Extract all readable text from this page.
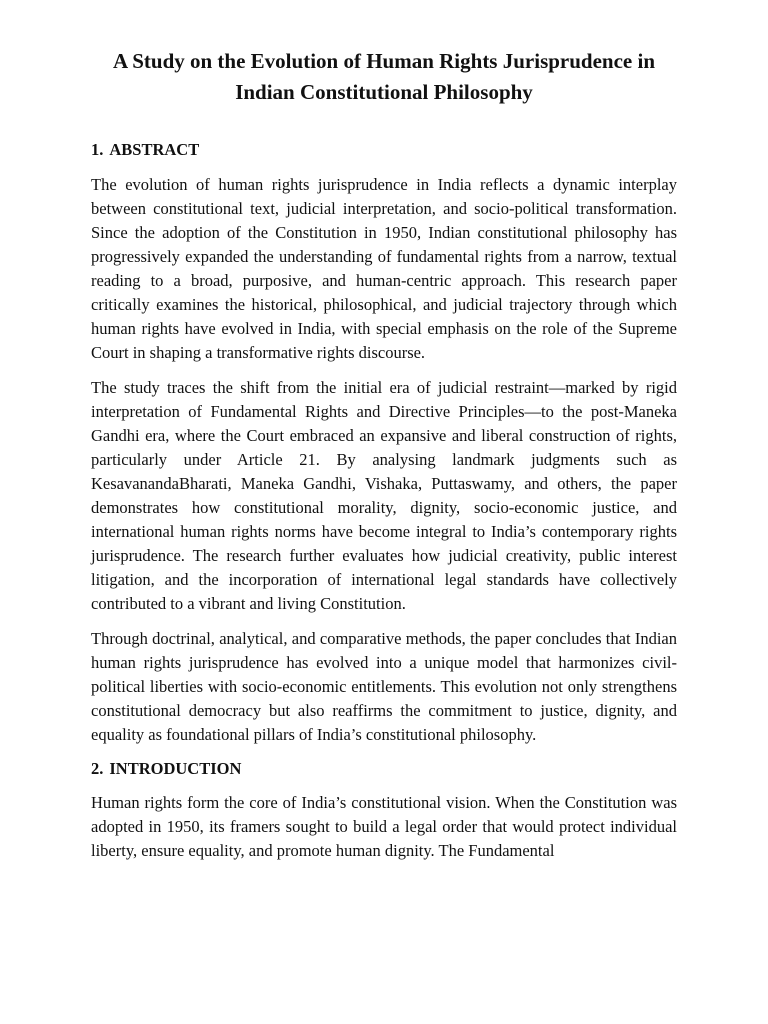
A Study on the Evolution of Human Rights Jurisprudence in Indian Constitutional Philosophy
1. ABSTRACT

The evolution of human rights jurisprudence in India reflects a dynamic interplay between constitutional text, judicial interpretation, and socio-political transformation. Since the adoption of the Constitution in 1950, Indian constitutional philosophy has progressively expanded the understanding of fundamental rights from a narrow, textual reading to a broad, purposive, and human-centric approach. This research paper critically examines the historical, philosophical, and judicial trajectory through which human rights have evolved in India, with special emphasis on the role of the Supreme Court in shaping a transformative rights discourse.

The study traces the shift from the initial era of judicial restraint—marked by rigid interpretation of Fundamental Rights and Directive Principles—to the post-Maneka Gandhi era, where the Court embraced an expansive and liberal construction of rights, particularly under Article 21. By analysing landmark judgments such as KesavanandaBharati, Maneka Gandhi, Vishaka, Puttaswamy, and others, the paper demonstrates how constitutional morality, dignity, socio-economic justice, and international human rights norms have become integral to India’s contemporary rights jurisprudence. The research further evaluates how judicial creativity, public interest litigation, and the incorporation of international legal standards have collectively contributed to a vibrant and living Constitution.

Through doctrinal, analytical, and comparative methods, the paper concludes that Indian human rights jurisprudence has evolved into a unique model that harmonizes civil-political liberties with socio-economic entitlements. This evolution not only strengthens constitutional democracy but also reaffirms the commitment to justice, dignity, and equality as foundational pillars of India’s constitutional philosophy.

2. INTRODUCTION

Human rights form the core of India’s constitutional vision. When the Constitution was adopted in 1950, its framers sought to build a legal order that would protect individual liberty, ensure equality, and promote human dignity. The Fundamental
